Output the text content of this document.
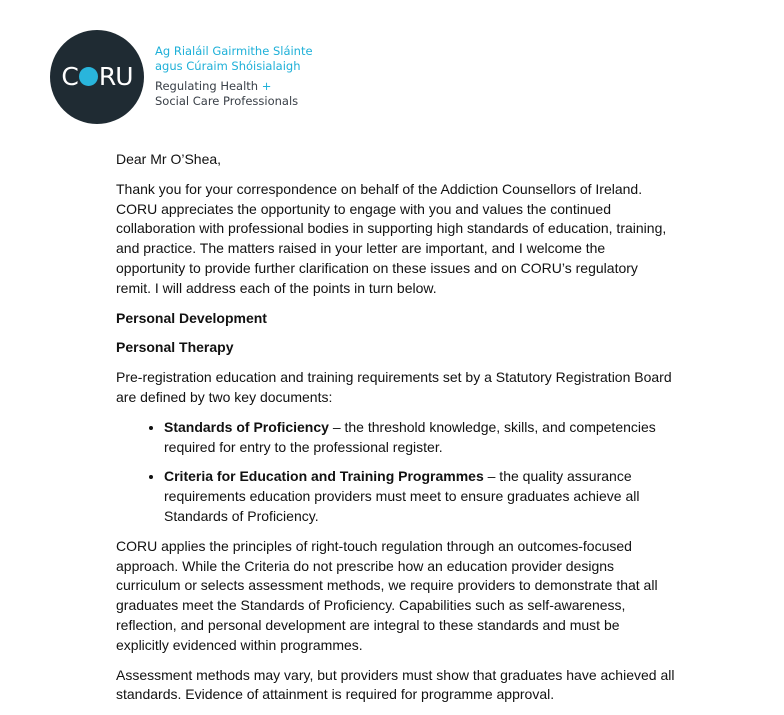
C RU
Ag Rialáil Gairmithe Sláinte
agus Cúraim Shóisialaigh
Regulating Health +
Social Care Professionals

Dear Mr O’Shea,

Thank you for your correspondence on behalf of the Addiction Counsellors of Ireland. CORU appreciates the opportunity to engage with you and values the continued collaboration with professional bodies in supporting high standards of education, training, and practice. The matters raised in your letter are important, and I welcome the opportunity to provide further clarification on these issues and on CORU’s regulatory remit. I will address each of the points in turn below.

Personal Development

Personal Therapy

Pre-registration education and training requirements set by a Statutory Registration Board are defined by two key documents:

• Standards of Proficiency – the threshold knowledge, skills, and competencies required for entry to the professional register.
• Criteria for Education and Training Programmes – the quality assurance requirements education providers must meet to ensure graduates achieve all Standards of Proficiency.

CORU applies the principles of right-touch regulation through an outcomes-focused approach. While the Criteria do not prescribe how an education provider designs curriculum or selects assessment methods, we require providers to demonstrate that all graduates meet the Standards of Proficiency. Capabilities such as self-awareness, reflection, and personal development are integral to these standards and must be explicitly evidenced within programmes.

Assessment methods may vary, but providers must show that graduates have achieved all standards. Evidence of attainment is required for programme approval.
